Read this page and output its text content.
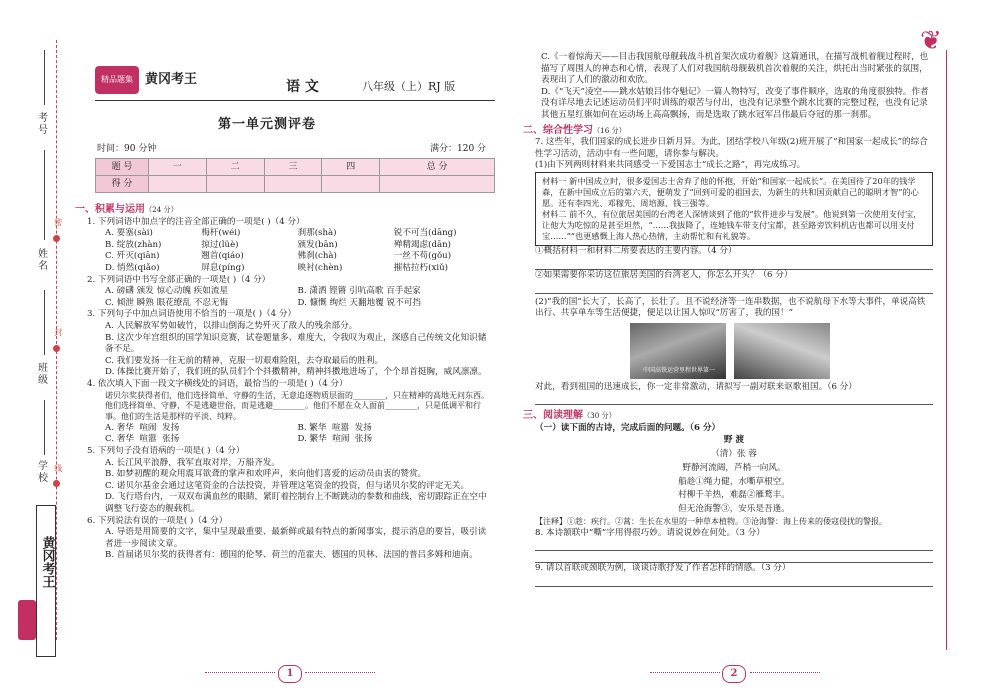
考号
姓名
班级
学校
密
封
线
黄冈考王
精品题集 黄冈考王	语 文	八年级（上）RJ 版
第一单元测评卷
时间：90 分钟	满分：120 分
题 号	一	二	三	四	总 分
得 分					
一、积累与运用（24 分）
1. 下列词语中加点字的注音全部正确的一项是( )（4 分）
A. 要塞(sài)	梅杆(wéi)	刹那(shà)	锐不可当(dāng)
B. 绽放(zhàn)	掠过(lüè)	颁发(bān)	殚精竭虑(dān)
C. 歼灭(qiān)	翘首(qiáo)	佛刹(chà)	一丝不苟(gǒu)
D. 悄然(qiǎo)	屏息(píng)	映衬(chèn)	摧枯拉朽(xiǔ)
2. 下列词语中书写全部正确的一项是( )（4 分）
A. 磅礴 颁发 惊心动魄 疾如流星	B. 潇洒 铿锵 引吭高歌 百手起家
C. 倾泄 瞬熟 眼花缭乱 不忍无悔	D. 慷慨 绚烂 天翻地覆 锐不可挡
3. 下列句子中加点词语使用不恰当的一项是( )（4 分）
A. 人民解放军势如破竹，以排山倒海之势歼灭了敌人的残余部分。
B. 这次少年宫组织的国学知识竞赛，试卷题量多、难度大，令我叹为观止，深感自己传统文化知识储备不足。
C. 我们要发扬一往无前的精神，克服一切艰难险阻，去夺取最后的胜利。
D. 体操比赛开始了，我们班的队员们个个抖擞精神，精神抖擞地进场了，个个昂首挺胸，威风凛凛。
4. 依次填入下面一段文字横线处的词语，最恰当的一项是( )（4 分）
诺贝尔奖获得者们，他们选择简单、守静的生活，无意追逐物质层面的________，只在精神的高地无问东西。他们选择简单、守静，不是逃避世俗，而是逃避________。他们不愿在众人面前________，只是低调平和行事。他们的生活是那样的平淡、纯粹。
A. 奢华 喧闹 发扬	B. 繁华 喧嚣 发扬
C. 奢华 喧嚣 张扬	D. 繁华 喧闹 张扬
5. 下列句子没有语病的一项是( )（4 分）
A. 长江风平浪静，我军直取对岸，万船齐发。
B. 如梦初醒的观众用震耳欲聋的掌声和欢呼声，来向他们喜爱的运动员由衷的赞赏。
C. 诺贝尔基金会通过这笔资金的合法投资，并管理这笔资金的投资，但与诺贝尔奖的评定无关。
D. 飞行塔台内，一双双布满血丝的眼睛，紧盯着控制台上不断跳动的参数和曲线，密切跟踪正在空中调整飞行姿态的舰载机。
6. 下列说法有误的一项是( )（4 分）
A. 导语是用简要的文字，集中呈现最重要、最新鲜或最有特点的新闻事实，提示消息的要旨，吸引读者进一步阅读文章。
B. 首届诺贝尔奖的获得者有：德国的伦琴、荷兰的范霍夫、德国的贝林、法国的普吕多姆和迪南。
❦
C.《一着惊海天——目击我国航母舰载战斗机首架次成功着舰》这篇通讯，在描写战机着舰过程时，也描写了周围人的神态和心情，表现了人们对我国航母舰载机首次着舰的关注，烘托出当时紧张的氛围，表现出了人们的激动和欢欣。
D.《“飞天”凌空——跳水姑娘吕伟夺魁记》一篇人物特写，改变了事件顺序，选取的角度很独特。作者没有详尽地去记述运动员们平时训练的艰苦与付出，也没有记录整个跳水比赛的完整过程，也没有记录其他五星红旗如何在运动场上高高飘扬，而是选取了跳水冠军吕伟最后夺冠的那一刹那。
二、综合性学习（16 分）
7. 这些年，我们国家的成长进步日新月异。为此，团结学校八年级(2)班开展了“和国家一起成长”的综合性学习活动，活动中有一些问题，请你参与解决。
(1)由下列两则材料来共同感受一下爱国志士“成长之路”，再完成练习。
材料一 新中国成立时，很多爱国志士舍弃了他的怀抱，开始“和国家一起成长”。在美国待了20年的钱学森，在新中国成立后的第六天，便萌发了“回到可爱的祖国去，为新生的共和国贡献自己的聪明才智”的心愿。还有李四光、邓稼先、周培源、钱三强等。
材料二 前不久，有位旅居美国的台湾老人深情谈到了他的“软件进步与发展”。他说到第一次使用支付宝，让他大为吃惊的是甚至坦然，“……我拔降了，连她钱车带支付宝都，甚至路旁饮料机店也都可以用支付宝……”“也更感慨上海人热心热情，主动帮忙和有礼貌等。
①概括材料一和材料二所要表达的主要内容。（4 分）
②如果需要你采访这位旅居美国的台湾老人，你怎么开头？（6 分）
(2)“我的国”长大了，长高了，长壮了。且不说经济等一连串数据，也不说航母下水等大事件，单说高铁出行、共享单车等生活便捷，便足以让国人惊叹“厉害了，我的国！”
中国高铁运营里程世界第一
对此，看到祖国的迅速成长，你一定非常激动，请拟写一副对联来讴歌祖国。（6 分）
三、阅读理解（30 分）
（一）读下面的古诗，完成后面的问题。（6 分）
野 渡
（清）张 蓉
野静河流阔，芦梢一向风。
船趁①绳力健，水嘶草根空。
村柳千羊热，难磊②雁鹜丰。
但无沧海警③，安乐是吾逢。
【注释】①趁：疾行。②蒿：生长在水里的一种草本植物。③沧海警：海上传来的倭寇侵扰的警报。
8. 本诗颔联中“嘶”字用得很巧妙。请说说妙在何处。（3 分）
9. 请以首联或颈联为例，谈谈诗歌抒发了作者怎样的情感。（3 分）
1	2
